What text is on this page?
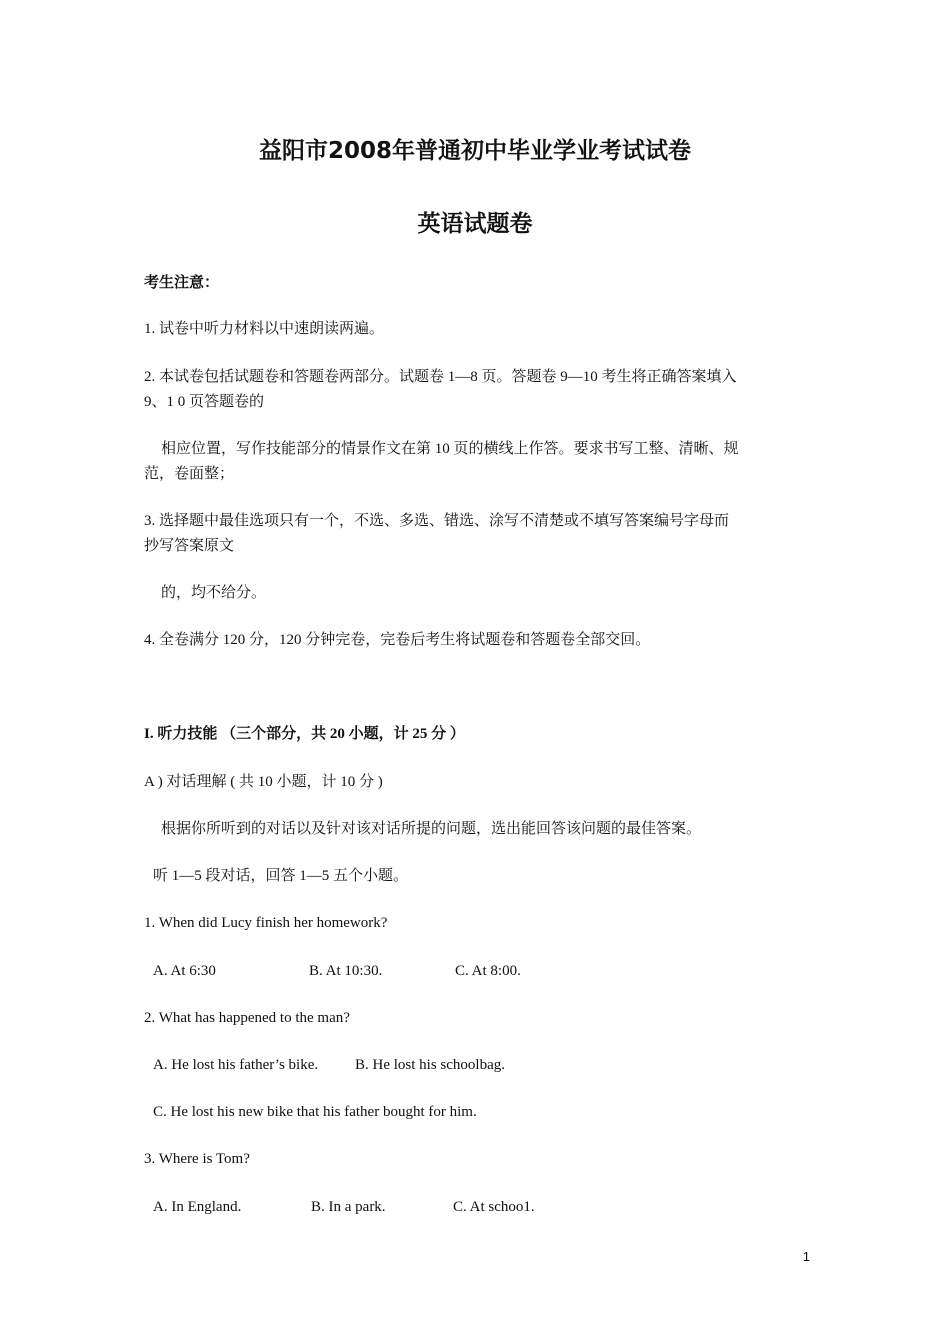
益阳市2008年普通初中毕业学业考试试卷
英语试题卷
考生注意：
1. 试卷中听力材料以中速朗读两遍。
2. 本试卷包括试题卷和答题卷两部分。试题卷 1—8 页。答题卷 9—10 考生将正确答案填入
9、1 0 页答题卷的
相应位置，写作技能部分的情景作文在第 10 页的横线上作答。要求书写工整、清晰、规
范，卷面整；
3. 选择题中最佳选项只有一个，不选、多选、错选、涂写不清楚或不填写答案编号字母而
抄写答案原文
的，均不给分。
4. 全卷满分 120 分，120 分钟完卷，完卷后考生将试题卷和答题卷全部交回。
I. 听力技能 （三个部分，共 20 小题，计 25 分 ）
A ) 对话理解 ( 共 10 小题，计 10 分 )
根据你所听到的对话以及针对该对话所提的问题，选出能回答该问题的最佳答案。
听 1—5 段对话，回答 1—5 五个小题。
1. When did Lucy finish her homework?
A. At 6:30	B. At 10:30.	C. At 8:00.
2. What has happened to the man?
A. He lost his father’s bike. B. He lost his schoolbag.
C. He lost his new bike that his father bought for him.
3. Where is Tom?
A. In England.	B. In a park.	C. At schoo1.
1
